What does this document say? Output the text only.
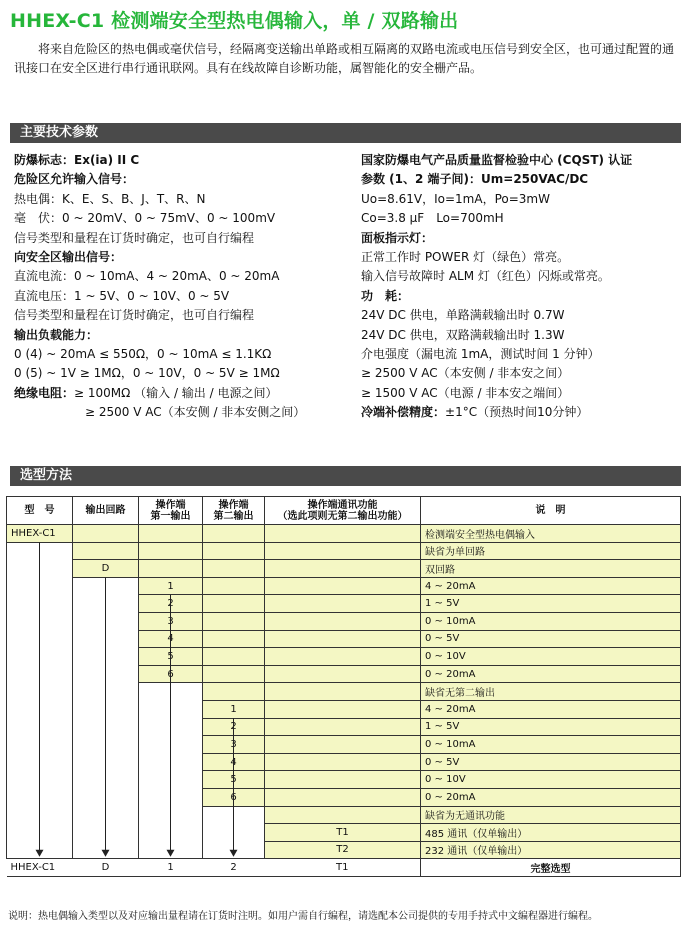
HHEX-C1 检测端安全型热电偶输入，单 / 双路输出
将来自危险区的热电偶或毫伏信号，经隔离变送输出单路或相互隔离的双路电流或电压信号到安全区，也可通过配置的通讯接口在安全区进行串行通讯联网。具有在线故障自诊断功能，属智能化的安全栅产品。
主要技术参数
防爆标志：Ex(ia) II C
危险区允许输入信号：
热电偶：K、E、S、B、J、T、R、N
毫　伏：0 ~ 20mV、0 ~ 75mV、0 ~ 100mV
信号类型和量程在订货时确定，也可自行编程
向安全区输出信号：
直流电流：0 ~ 10mA、4 ~ 20mA、0 ~ 20mA
直流电压：1 ~ 5V、0 ~ 10V、0 ~ 5V
信号类型和量程在订货时确定，也可自行编程
输出负载能力：
0 (4) ~ 20mA ≤ 550Ω，0 ~ 10mA ≤ 1.1KΩ
0 (5) ~ 1V ≥ 1MΩ，0 ~ 10V，0 ~ 5V ≥ 1MΩ
绝缘电阻：≥ 100MΩ （输入 / 输出 / 电源之间）
≥ 2500 V AC（本安侧 / 非本安侧之间）
国家防爆电气产品质量监督检验中心 (CQST) 认证
参数 (1、2 端子间)：Um=250VAC/DC
Uo=8.61V，Io=1mA，Po=3mW
Co=3.8 μF　Lo=700mH
面板指示灯：
正常工作时 POWER 灯（绿色）常亮。
输入信号故障时 ALM 灯（红色）闪烁或常亮。
功　耗：
24V DC 供电，单路满载输出时 0.7W
24V DC 供电，双路满载输出时 1.3W
介电强度（漏电流 1mA，测试时间 1 分钟）
≥ 2500 V AC（本安侧 / 非本安之间）
≥ 1500 V AC（电源 / 非本安之端间）
冷端补偿精度：±1°C（预热时间10分钟）
选型方法
型　号	输出回路	操作端
第一输出	操作端
第二输出	操作端通讯功能
（选此项则无第二输出功能）	说　明
HHEX-C1					检测端安全型热电偶输入
					缺省为单回路
	D				双回路
		1			4 ~ 20mA
		2			1 ~ 5V
		3			0 ~ 10mA
		4			0 ~ 5V
		5			0 ~ 10V
		6			0 ~ 20mA
					缺省无第二输出
			1		4 ~ 20mA
			2		1 ~ 5V
			3		0 ~ 10mA
			4		0 ~ 5V
			5		0 ~ 10V
			6		0 ~ 20mA
					缺省为无通讯功能
				T1	485 通讯（仅单输出）
				T2	232 通讯（仅单输出）
HHEX-C1	D	1	2	T1	完整选型
说明：热电偶输入类型以及对应输出量程请在订货时注明。如用户需自行编程，请选配本公司提供的专用手持式中文编程器进行编程。
